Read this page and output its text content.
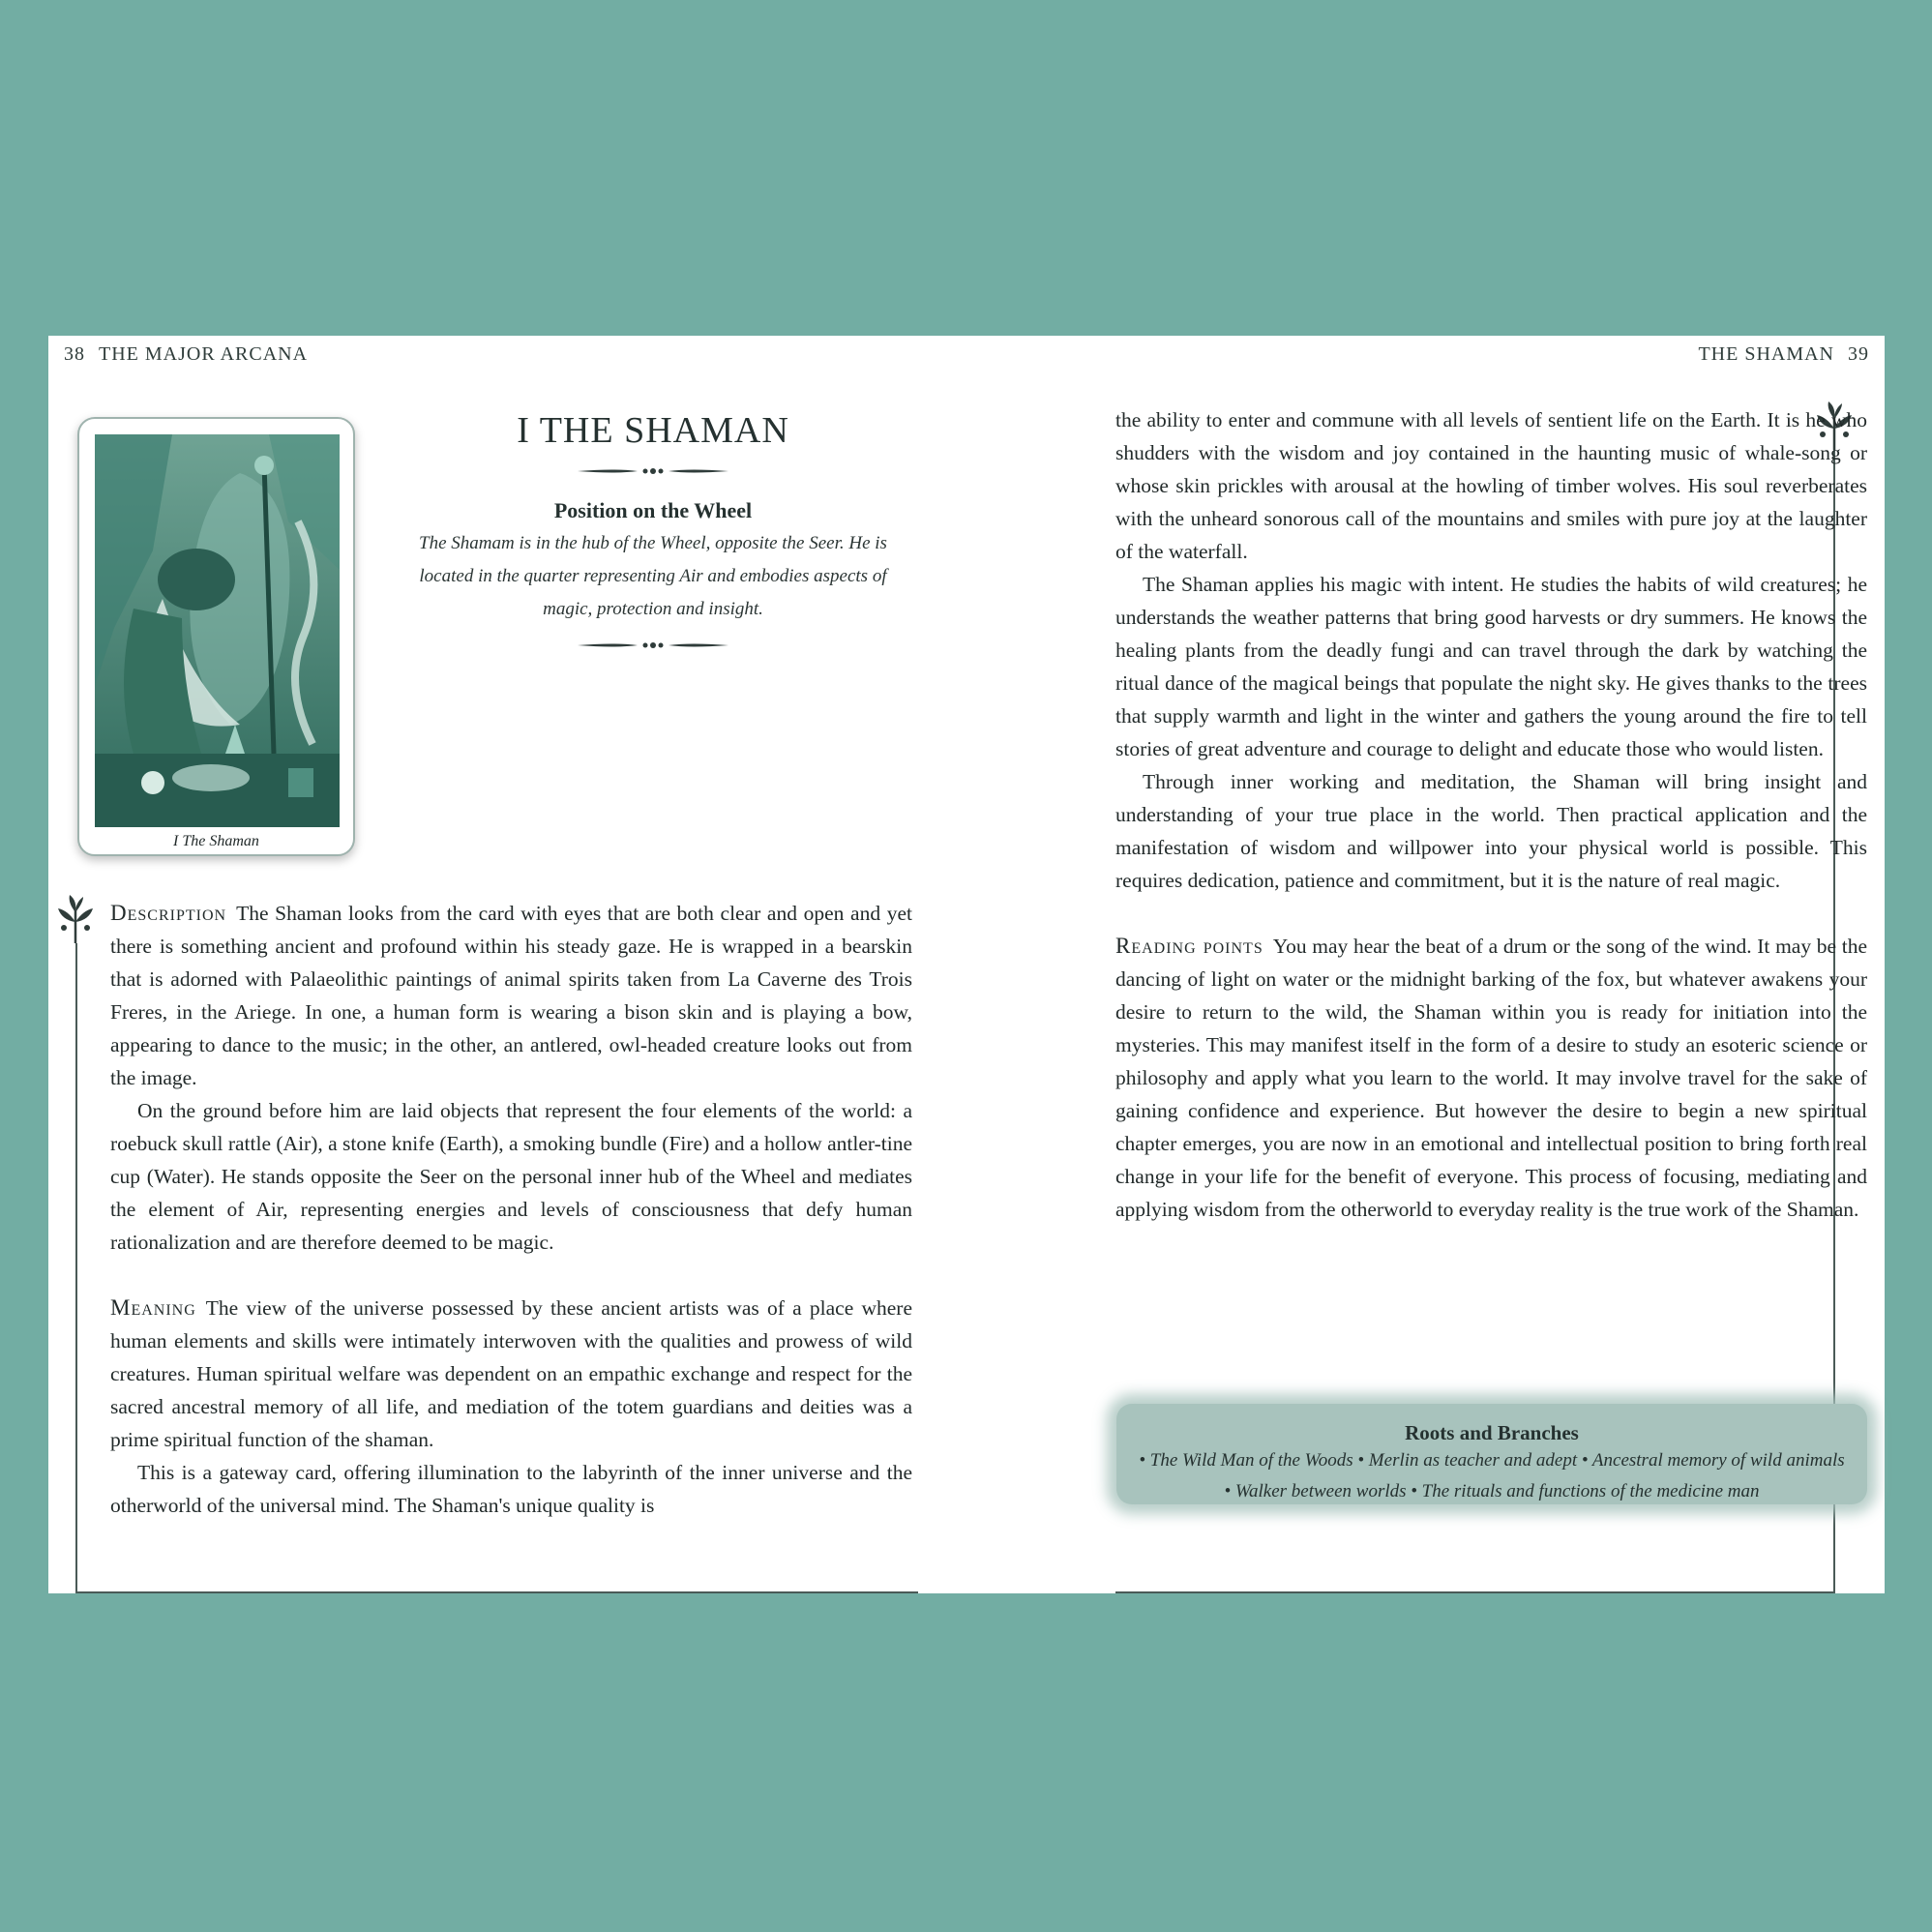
38 THE MAJOR ARCANA
I The Shaman
I THE SHAMAN
Position on the Wheel
The Shamam is in the hub of the Wheel, opposite the Seer. He is located in the quarter representing Air and embodies aspects of magic, protection and insight.

Description The Shaman looks from the card with eyes that are both clear and open and yet there is something ancient and profound within his steady gaze. He is wrapped in a bearskin that is adorned with Palaeolithic paintings of animal spirits taken from La Caverne des Trois Freres, in the Ariege. In one, a human form is wearing a bison skin and is playing a bow, appearing to dance to the music; in the other, an antlered, owl-headed creature looks out from the image.

On the ground before him are laid objects that represent the four elements of the world: a roebuck skull rattle (Air), a stone knife (Earth), a smoking bundle (Fire) and a hollow antler-tine cup (Water). He stands opposite the Seer on the personal inner hub of the Wheel and mediates the element of Air, representing energies and levels of consciousness that defy human rationalization and are therefore deemed to be magic.

Meaning The view of the universe possessed by these ancient artists was of a place where human elements and skills were intimately interwoven with the qualities and prowess of wild creatures. Human spiritual welfare was dependent on an empathic exchange and respect for the sacred ancestral memory of all life, and mediation of the totem guardians and deities was a prime spiritual function of the shaman.

This is a gateway card, offering illumination to the labyrinth of the inner universe and the otherworld of the universal mind. The Shaman's unique quality is

THE SHAMAN 39

the ability to enter and commune with all levels of sentient life on the Earth. It is he who shudders with the wisdom and joy contained in the haunting music of whale-song or whose skin prickles with arousal at the howling of timber wolves. His soul reverberates with the unheard sonorous call of the mountains and smiles with pure joy at the laughter of the waterfall.

The Shaman applies his magic with intent. He studies the habits of wild creatures; he understands the weather patterns that bring good harvests or dry summers. He knows the healing plants from the deadly fungi and can travel through the dark by watching the ritual dance of the magical beings that populate the night sky. He gives thanks to the trees that supply warmth and light in the winter and gathers the young around the fire to tell stories of great adventure and courage to delight and educate those who would listen.

Through inner working and meditation, the Shaman will bring insight and understanding of your true place in the world. Then practical application and the manifestation of wisdom and willpower into your physical world is possible. This requires dedication, patience and commitment, but it is the nature of real magic.

Reading points You may hear the beat of a drum or the song of the wind. It may be the dancing of light on water or the midnight barking of the fox, but whatever awakens your desire to return to the wild, the Shaman within you is ready for initiation into the mysteries. This may manifest itself in the form of a desire to study an esoteric science or philosophy and apply what you learn to the world. It may involve travel for the sake of gaining confidence and experience. But however the desire to begin a new spiritual chapter emerges, you are now in an emotional and intellectual position to bring forth real change in your life for the benefit of everyone. This process of focusing, mediating and applying wisdom from the otherworld to everyday reality is the true work of the Shaman.

Roots and Branches
• The Wild Man of the Woods • Merlin as teacher and adept • Ancestral memory of wild animals
• Walker between worlds • The rituals and functions of the medicine man
